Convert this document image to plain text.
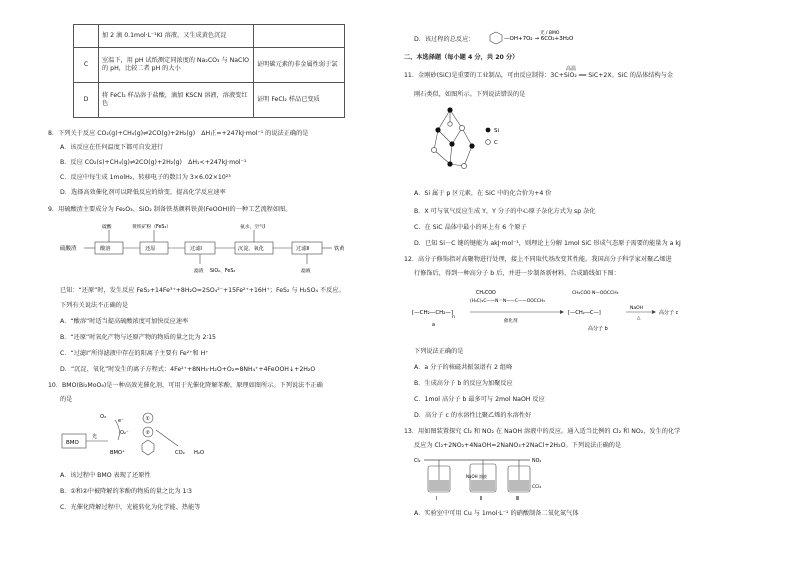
	加 2 滴 0.1mol·L⁻¹KI 溶液，又生成黄色沉淀	
C	室温下，用 pH 试纸测定同浓度的 Na₂CO₃ 与 NaClO 的 pH，比较二者 pH 的大小	证明碳元素的非金属性弱于氯
D	将 FeCl₂ 样品溶于盐酸，滴加 KSCN 溶液，溶液变红色	证明 FeCl₂ 样品已变质
8．下列关于反应 CO₂(g)+CH₄(g)⇌2CO(g)+2H₂(g)　ΔH正=+247kJ·mol⁻¹ 的说法正确的是
A．该反应在任何温度下都可自发进行
B．反应 CO₂(s)+CH₄(g)⇌2CO(g)+2H₂(g)　ΔH₁<+247kJ·mol⁻¹
C．反应中每生成 1molH₂，转移电子的数目为 3×6.02×10²³
D．选择高效催化剂可以降低反应的焓变，提高化学反应速率
9．用硫酸渣主要成分为 Fe₂O₃、SiO₂ 制备铁基颜料铁黄(FeOOH)的一种工艺流程如图。
硫酸渣	酸溶	还原	过滤Ⅰ	沉淀、氧化	过滤Ⅱ
硫酸	黄铁矿粉（FeS₂）	氨水、空气Ⅰ
滤渣 SiO₂、FeS₂	滤液
铁黄
已知：“还原”时，发生反应 FeS₂+14Fe³⁺+8H₂O=2SO₄²⁻+15Fe²⁺+16H⁺；FeS₂ 与 H₂SO₄ 不反应。
下列有关说法不正确的是
A．“酸溶”时适当提高硫酸浓度可加快反应速率
B．“还原”时氧化产物与还原产物的物质的量之比为 2∶15
C．“过滤Ⅰ”所得滤液中存在的阳离子主要有 Fe²⁺和 H⁺
D．“沉淀、氧化”时发生的离子方程式：4Fe²⁺+8NH₃·H₂O+O₂=8NH₄⁺+4FeOOH↓+2H₂O
10．BMO(Bi₂MoO₆)是一种高效光催化剂，可用于光催化降解苯酚，原理如图所示。下列说法不正确
的是
BMO
光
BMO⁺
O₂
e⁻
O₂⁻
①
②
CO₂ H₂O
A．该过程中 BMO 表现了还原性
B．①和②中被降解的苯酚的物质的量之比为 1∶3
C．光催化降解过程中，光能转化为化学能、热能等
D．该过程的总反应：	—OH+7O₂ → 6CO₂+3H₂O
光 / BMO
二、本选择题（每小题 4 分，共 20 分）
11．金刚砂(SiC)是重要的工业制品，可由反应制得：3C+SiO₂ ══ SiC+2X。SiC 的晶体结构与金
高温
刚石类似，如图所示。下列说法错误的是
Si
C
A．Si 属于 p 区元素，在 SiC 中的化合价为+4 价
B．X 可与氧气反应生成 Y，Y 分子的中心原子杂化方式为 sp 杂化
C．在 SiC 晶体中最小的环上有 6 个原子
D．已知 Si－C 键的键能为 akJ·mol⁻¹，则理论上分解 1mol SiC 形成气态原子需要的能量为 a kJ
12．高分子修饰指对高聚物进行处理，接上不同取代基改变其性能。我国高分子科学家对聚乙烯进
行修饰后，得到一种高分子 b 后，并进一步制备新材料，合成路线如下图：
[—CH₂—CH₂—]
n
a
CH₂COO
(H₃C)₃C——N＝N——C——OOCCH₃
催化剂
[—CH₂—C—]
CH₂COO N—OOCCH₃
高分子 b
NaOH
△
高分子 c
下列说法正确的是
A．a 分子的核磁共振氢谱有 2 组峰
B．生成高分子 b 的反应为加聚反应
C．1mol 高分子 b 最多可与 2mol NaOH 反应
D．高分子 c 的水溶性比聚乙烯的水溶性好
13．用如图装置探究 Cl₂ 和 NO₂ 在 NaOH 溶液中的反应。通入适当比例的 Cl₂ 和 NO₂，发生的化学
反应为 Cl₂+2NO₂+4NaOH=2NaNO₃+2NaCl+2H₂O。下列说法正确的是
Cl₂	NO₂
NaOH 溶液
CCl₄
Ⅰ	Ⅱ	Ⅲ
A．实验室中可用 Cu 与 1mol·L⁻¹ 的硝酸制备二氧化氮气体
